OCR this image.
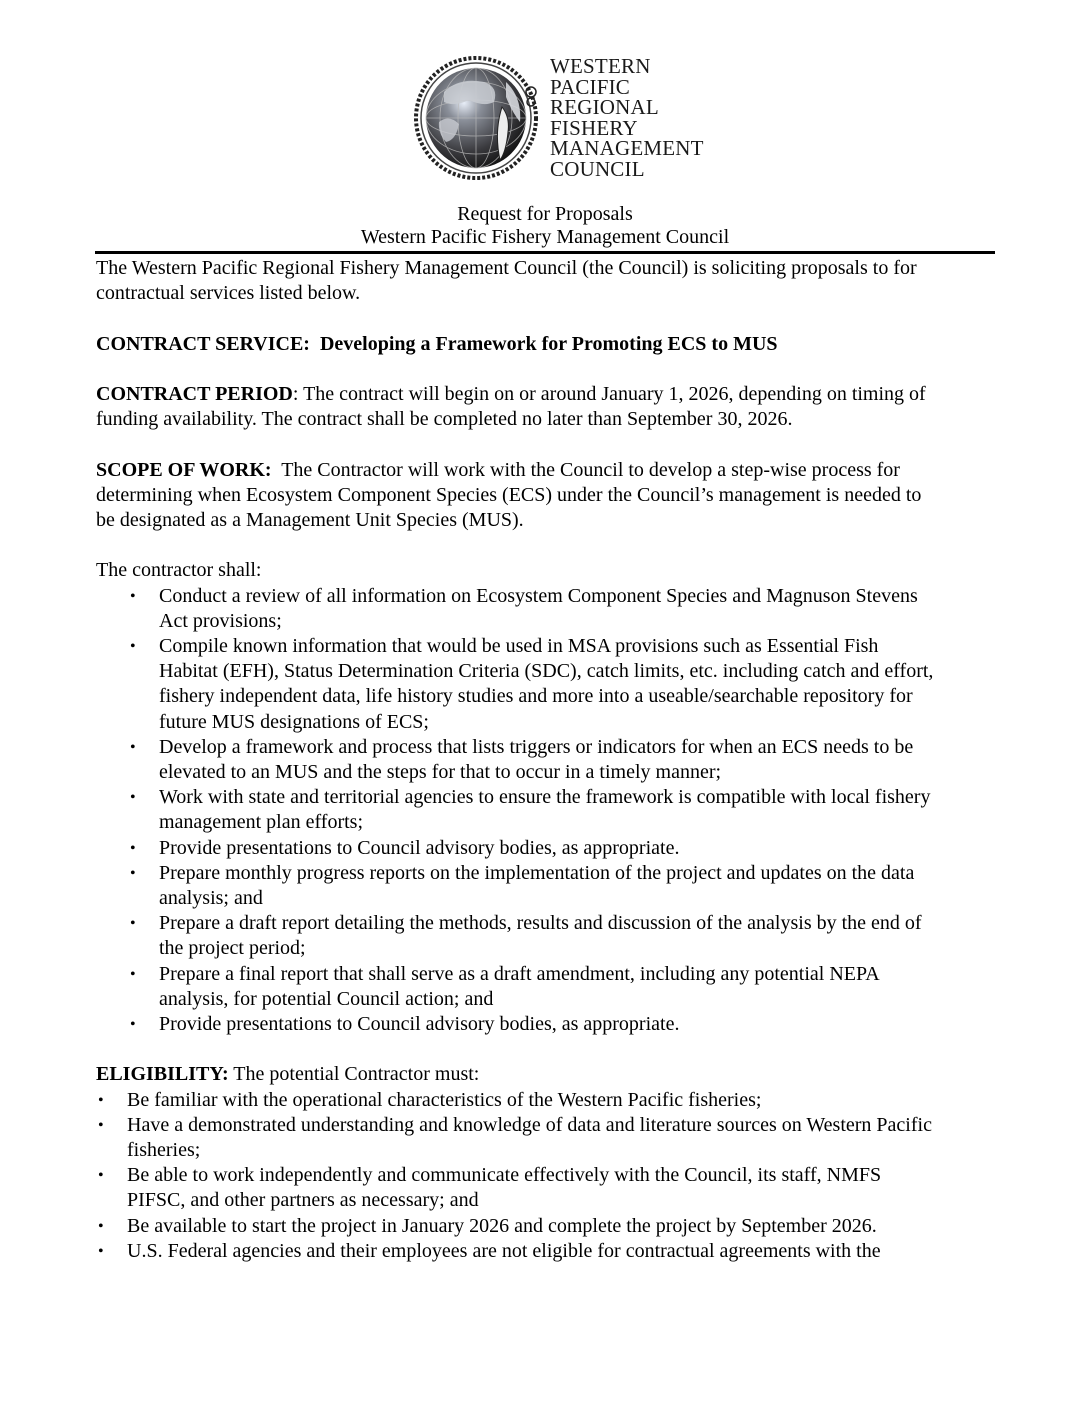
WESTERN
PACIFIC
REGIONAL
FISHERY
MANAGEMENT
COUNCIL
Request for Proposals
Western Pacific Fishery Management Council
The Western Pacific Regional Fishery Management Council (the Council) is soliciting proposals to for
contractual services listed below.
CONTRACT SERVICE: Developing a Framework for Promoting ECS to MUS
CONTRACT PERIOD: The contract will begin on or around January 1, 2026, depending on timing of
funding availability. The contract shall be completed no later than September 30, 2026.
SCOPE OF WORK:  The Contractor will work with the Council to develop a step-wise process for
determining when Ecosystem Component Species (ECS) under the Council’s management is needed to
be designated as a Management Unit Species (MUS).
The contractor shall:
• Conduct a review of all information on Ecosystem Component Species and Magnuson Stevens
Act provisions;
• Compile known information that would be used in MSA provisions such as Essential Fish
Habitat (EFH), Status Determination Criteria (SDC), catch limits, etc. including catch and effort,
fishery independent data, life history studies and more into a useable/searchable repository for
future MUS designations of ECS;
• Develop a framework and process that lists triggers or indicators for when an ECS needs to be
elevated to an MUS and the steps for that to occur in a timely manner;
• Work with state and territorial agencies to ensure the framework is compatible with local fishery
management plan efforts;
• Provide presentations to Council advisory bodies, as appropriate.
• Prepare monthly progress reports on the implementation of the project and updates on the data
analysis; and
• Prepare a draft report detailing the methods, results and discussion of the analysis by the end of
the project period;
• Prepare a final report that shall serve as a draft amendment, including any potential NEPA
analysis, for potential Council action; and
• Provide presentations to Council advisory bodies, as appropriate.
ELIGIBILITY: The potential Contractor must:
• Be familiar with the operational characteristics of the Western Pacific fisheries;
• Have a demonstrated understanding and knowledge of data and literature sources on Western Pacific
fisheries;
• Be able to work independently and communicate effectively with the Council, its staff, NMFS
PIFSC, and other partners as necessary; and
• Be available to start the project in January 2026 and complete the project by September 2026.
• U.S. Federal agencies and their employees are not eligible for contractual agreements with the
